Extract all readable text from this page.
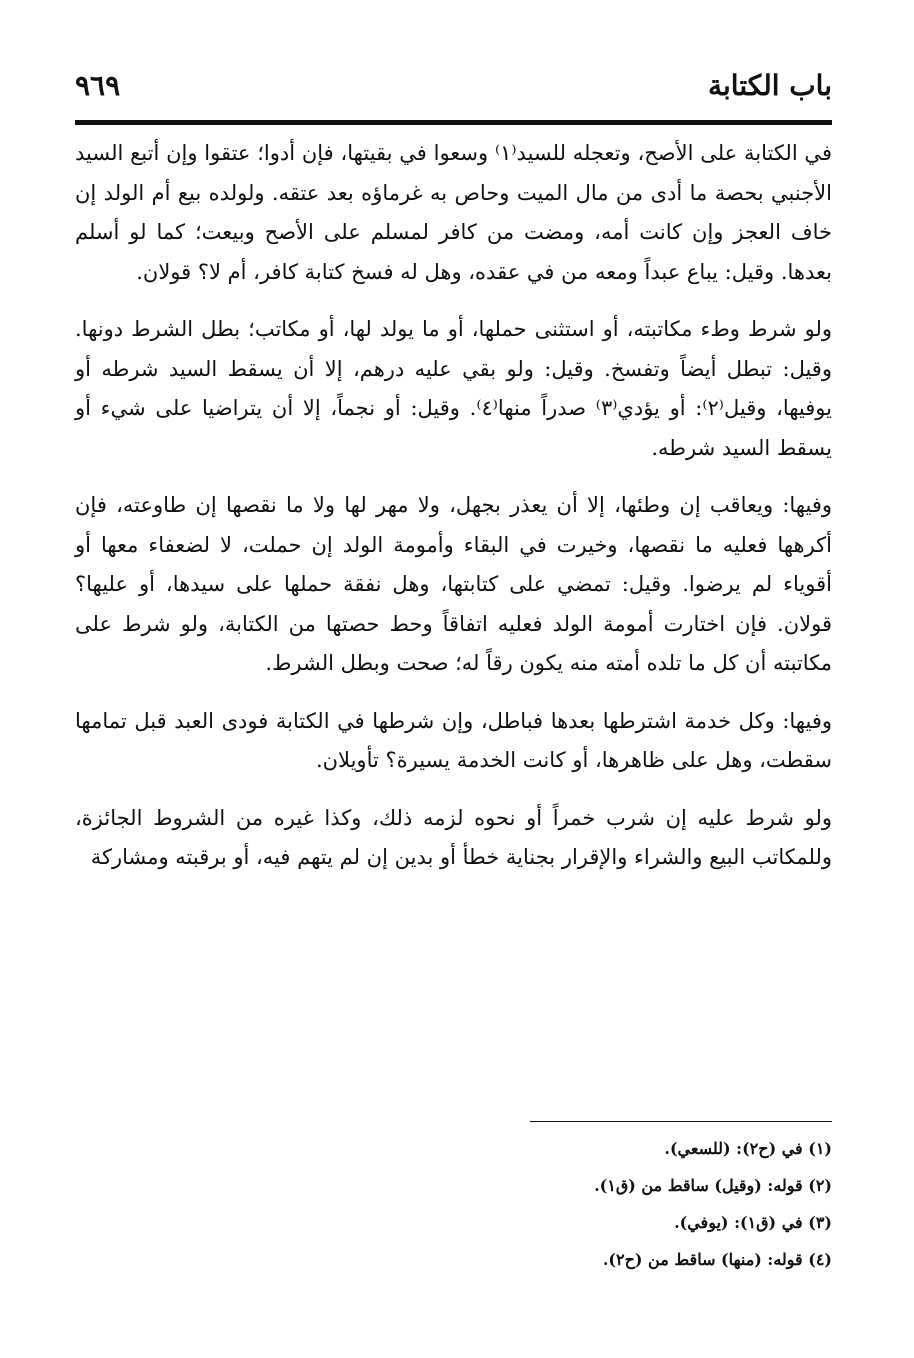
باب الكتابة
٩٦٩

في الكتابة على الأصح، وتعجله للسيد⁽١⁾ وسعوا في بقيتها، فإن أدوا؛ عتقوا وإن أتبع السيد الأجنبي بحصة ما أدى من مال الميت وحاص به غرماؤه بعد عتقه. ولولده بيع أم الولد إن خاف العجز وإن كانت أمه، ومضت من كافر لمسلم على الأصح وبيعت؛ كما لو أسلم بعدها. وقيل: يباع عبداً ومعه من في عقده، وهل له فسخ كتابة كافر، أم لا؟ قولان.

ولو شرط وطء مكاتبته، أو استثنى حملها، أو ما يولد لها، أو مكاتب؛ بطل الشرط دونها. وقيل: تبطل أيضاً وتفسخ. وقيل: ولو بقي عليه درهم، إلا أن يسقط السيد شرطه أو يوفيها، وقيل⁽٢⁾: أو يؤدي⁽٣⁾ صدراً منها⁽٤⁾. وقيل: أو نجماً، إلا أن يتراضيا على شيء أو يسقط السيد شرطه.

وفيها: ويعاقب إن وطئها، إلا أن يعذر بجهل، ولا مهر لها ولا ما نقصها إن طاوعته، فإن أكرهها فعليه ما نقصها، وخيرت في البقاء وأمومة الولد إن حملت، لا لضعفاء معها أو أقوياء لم يرضوا. وقيل: تمضي على كتابتها، وهل نفقة حملها على سيدها، أو عليها؟ قولان. فإن اختارت أمومة الولد فعليه اتفاقاً وحط حصتها من الكتابة، ولو شرط على مكاتبته أن كل ما تلده أمته منه يكون رقاً له؛ صحت وبطل الشرط.

وفيها: وكل خدمة اشترطها بعدها فباطل، وإن شرطها في الكتابة فودى العبد قبل تمامها سقطت، وهل على ظاهرها، أو كانت الخدمة يسيرة؟ تأويلان.

ولو شرط عليه إن شرب خمراً أو نحوه لزمه ذلك، وكذا غيره من الشروط الجائزة، وللمكاتب البيع والشراء والإقرار بجناية خطأ أو بدين إن لم يتهم فيه، أو برقبته ومشاركة

(١) في (ح٢): (للسعي).

(٢) قوله: (وقيل) ساقط من (ق١).

(٣) في (ق١): (يوفي).

(٤) قوله: (منها) ساقط من (ح٢).
